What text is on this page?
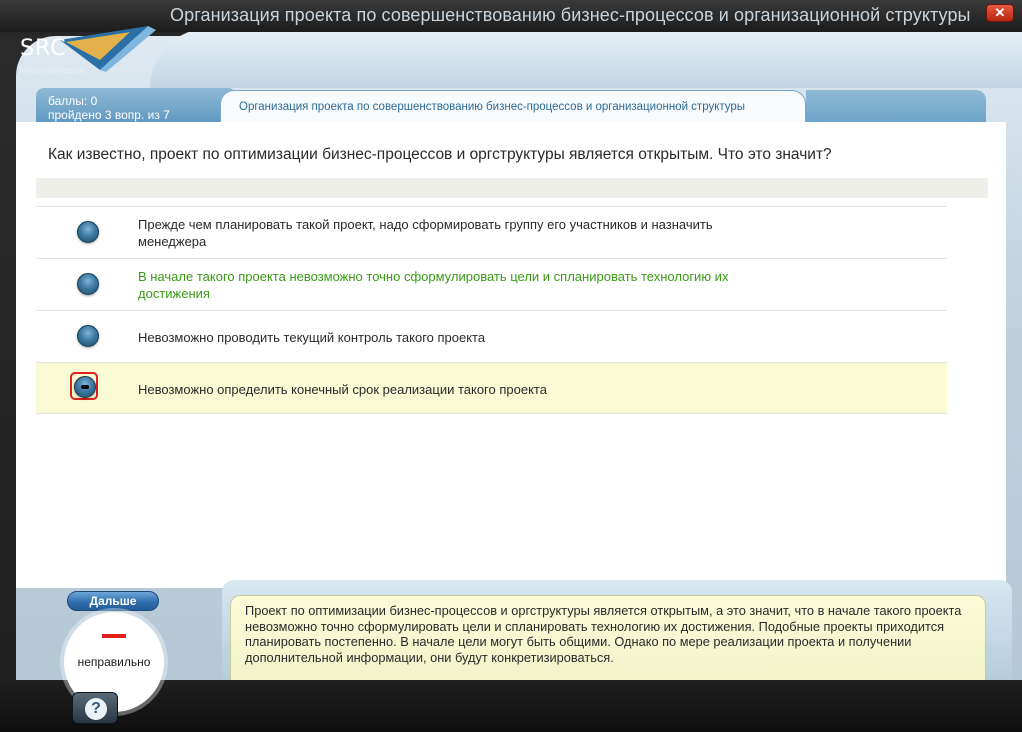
Организация проекта по совершенствованию бизнес-процессов и организационной структуры	✕
SRC
Мультимедиа
баллы: 0
пройдено 3 вопр. из 7
Организация проекта по совершенствованию бизнес-процессов и организационной структуры
Как известно, проект по оптимизации бизнес-процессов и оргструктуры является открытым. Что это значит?
Прежде чем планировать такой проект, надо сформировать группу его участников и назначить менеджера
В начале такого проекта невозможно точно сформулировать цели и спланировать технологию их достижения
Невозможно проводить текущий контроль такого проекта
Невозможно определить конечный срок реализации такого проекта
Проект по оптимизации бизнес-процессов и оргструктуры является открытым, а это значит, что в начале такого проекта невозможно точно сформулировать цели и спланировать технологию их достижения. Подобные проекты приходится планировать постепенно. В начале цели могут быть общими. Однако по мере реализации проекта и получении дополнительной информации, они будут конкретизироваться.
Дальше
неправильно
?
